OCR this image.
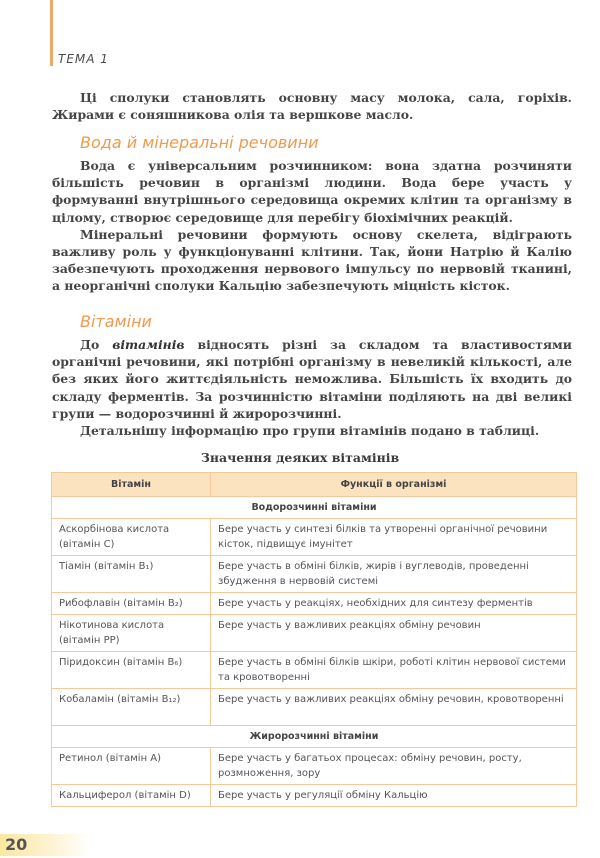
ТЕМА 1

Ці сполуки становлять основну масу молока, сала, горіхів. Жирами є соняшникова олія та вершкове масло.

Вода й мінеральні речовини

Вода є універсальним розчинником: вона здатна розчиняти більшість речовин в організмі людини. Вода бере участь у формуванні внутрішнього середовища окремих клітин та організму в цілому, створює середовище для перебігу біохімічних реакцій.

Мінеральні речовини формують основу скелета, відіграють важливу роль у функціонуванні клітини. Так, йони Натрію й Калію забезпечують проходження нервового імпульсу по нервовій тканині, а неорганічні сполуки Кальцію забезпечують міцність кісток.

Вітаміни

До вітамінів відносять різні за складом та властивостями органічні речовини, які потрібні організму в невеликій кількості, але без яких його життєдіяльність неможлива. Більшість їх входить до складу ферментів. За розчинністю вітаміни поділяють на дві великі групи — водорозчинні й жиророзчинні.

Детальнішу інформацію про групи вітамінів подано в таблиці.

Значення деяких вітамінів
Вітамін	Функції в організмі
Водорозчинні вітаміни	
Аскорбінова кислота (вітамін C)	Бере участь у синтезі білків та утворенні органічної речовини кісток, підвищує імунітет
Тіамін (вітамін B₁)	Бере участь в обміні білків, жирів і вуглеводів, проведенні збудження в нервовій системі
Рибофлавін (вітамін B₂)	Бере участь у реакціях, необхідних для синтезу ферментів
Нікотинова кислота (вітамін PP)	Бере участь у важливих реакціях обміну речовин
Піридоксин (вітамін B₆)	Бере участь в обміні білків шкіри, роботі клітин нервової системи та кровотворенні
Кобаламін (вітамін B₁₂)	Бере участь у важливих реакціях обміну речовин, кровотворенні
Жиророзчинні вітаміни	
Ретинол (вітамін A)	Бере участь у багатьох процесах: обміну речовин, росту, розмноження, зору
Кальциферол (вітамін D)	Бере участь у регуляції обміну Кальцію
20
